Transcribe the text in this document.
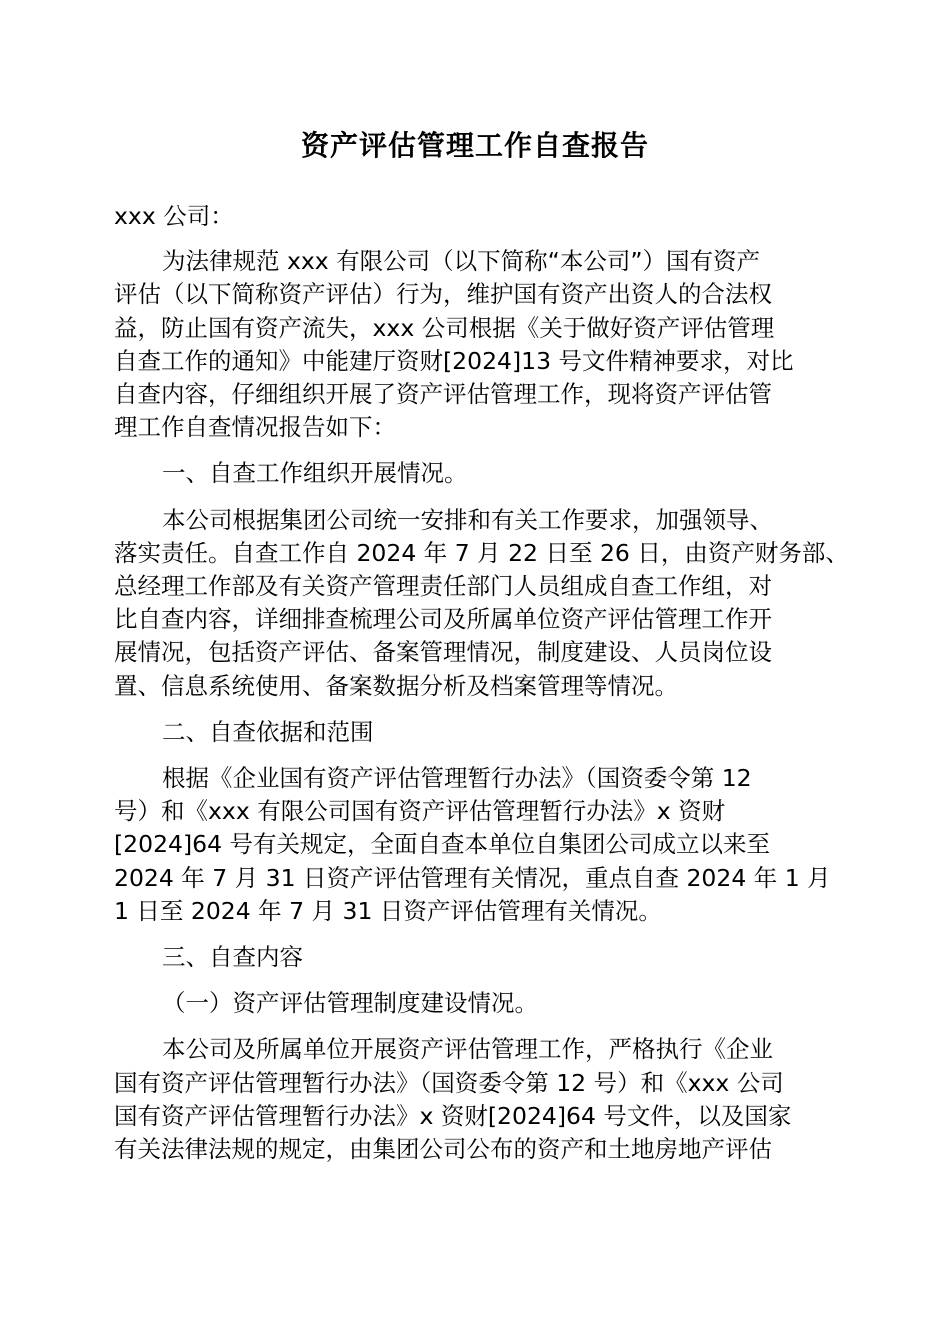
资产评估管理工作自查报告

xxx 公司：

为法律规范 xxx 有限公司（以下简称“本公司”）国有资产
评估（以下简称资产评估）行为，维护国有资产出资人的合法权
益，防止国有资产流失，xxx 公司根据《关于做好资产评估管理
自查工作的通知》中能建厅资财[2024]13 号文件精神要求，对比
自查内容，仔细组织开展了资产评估管理工作，现将资产评估管
理工作自查情况报告如下：

一、自查工作组织开展情况。

本公司根据集团公司统一安排和有关工作要求，加强领导、
落实责任。自查工作自 2024 年 7 月 22 日至 26 日，由资产财务部、
总经理工作部及有关资产管理责任部门人员组成自查工作组，对
比自查内容，详细排查梳理公司及所属单位资产评估管理工作开
展情况，包括资产评估、备案管理情况，制度建设、人员岗位设
置、信息系统使用、备案数据分析及档案管理等情况。

二、自查依据和范围

根据《企业国有资产评估管理暂行办法》（国资委令第 12
号）和《xxx 有限公司国有资产评估管理暂行办法》x 资财
[2024]64 号有关规定，全面自查本单位自集团公司成立以来至
2024 年 7 月 31 日资产评估管理有关情况，重点自查 2024 年 1 月
1 日至 2024 年 7 月 31 日资产评估管理有关情况。

三、自查内容

（一）资产评估管理制度建设情况。

本公司及所属单位开展资产评估管理工作，严格执行《企业
国有资产评估管理暂行办法》（国资委令第 12 号）和《xxx 公司
国有资产评估管理暂行办法》x 资财[2024]64 号文件，以及国家
有关法律法规的规定，由集团公司公布的资产和土地房地产评估
